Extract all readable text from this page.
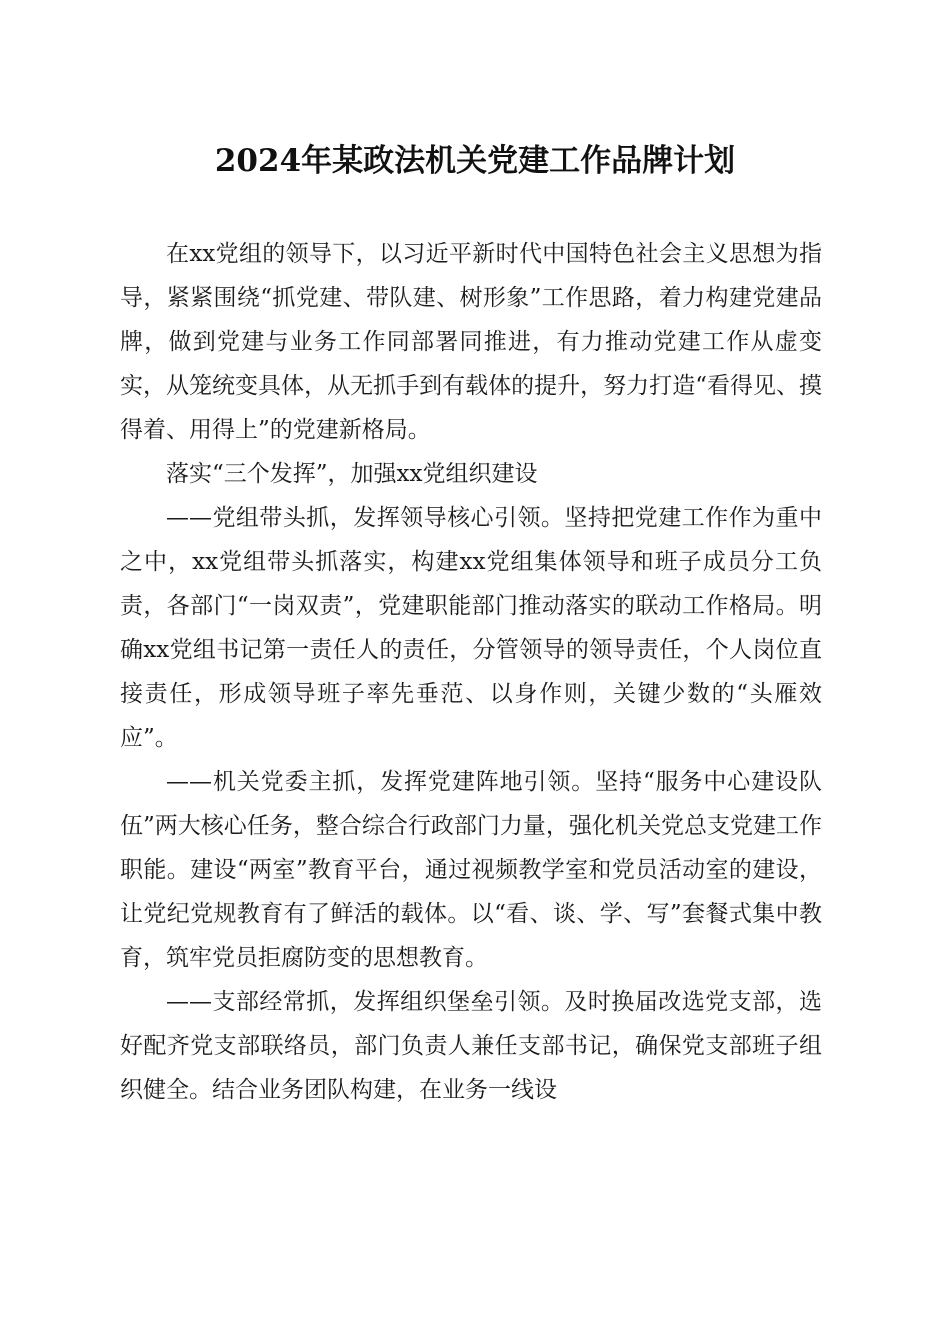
2024年某政法机关党建工作品牌计划

在xx党组的领导下，以习近平新时代中国特色社会主义思想为指导，紧紧围绕“抓党建、带队建、树形象”工作思路，着力构建党建品牌，做到党建与业务工作同部署同推进，有力推动党建工作从虚变实，从笼统变具体，从无抓手到有载体的提升，努力打造“看得见、摸得着、用得上”的党建新格局。

落实“三个发挥”，加强xx党组织建设

——党组带头抓，发挥领导核心引领。坚持把党建工作作为重中之中，xx党组带头抓落实，构建xx党组集体领导和班子成员分工负责，各部门“一岗双责”，党建职能部门推动落实的联动工作格局。明确xx党组书记第一责任人的责任，分管领导的领导责任，个人岗位直接责任，形成领导班子率先垂范、以身作则，关键少数的“头雁效应”。

——机关党委主抓，发挥党建阵地引领。坚持“服务中心建设队伍”两大核心任务，整合综合行政部门力量，强化机关党总支党建工作职能。建设“两室”教育平台，通过视频教学室和党员活动室的建设，让党纪党规教育有了鲜活的载体。以“看、谈、学、写”套餐式集中教育，筑牢党员拒腐防变的思想教育。

——支部经常抓，发挥组织堡垒引领。及时换届改选党支部，选好配齐党支部联络员，部门负责人兼任支部书记，确保党支部班子组织健全。结合业务团队构建，在业务一线设
